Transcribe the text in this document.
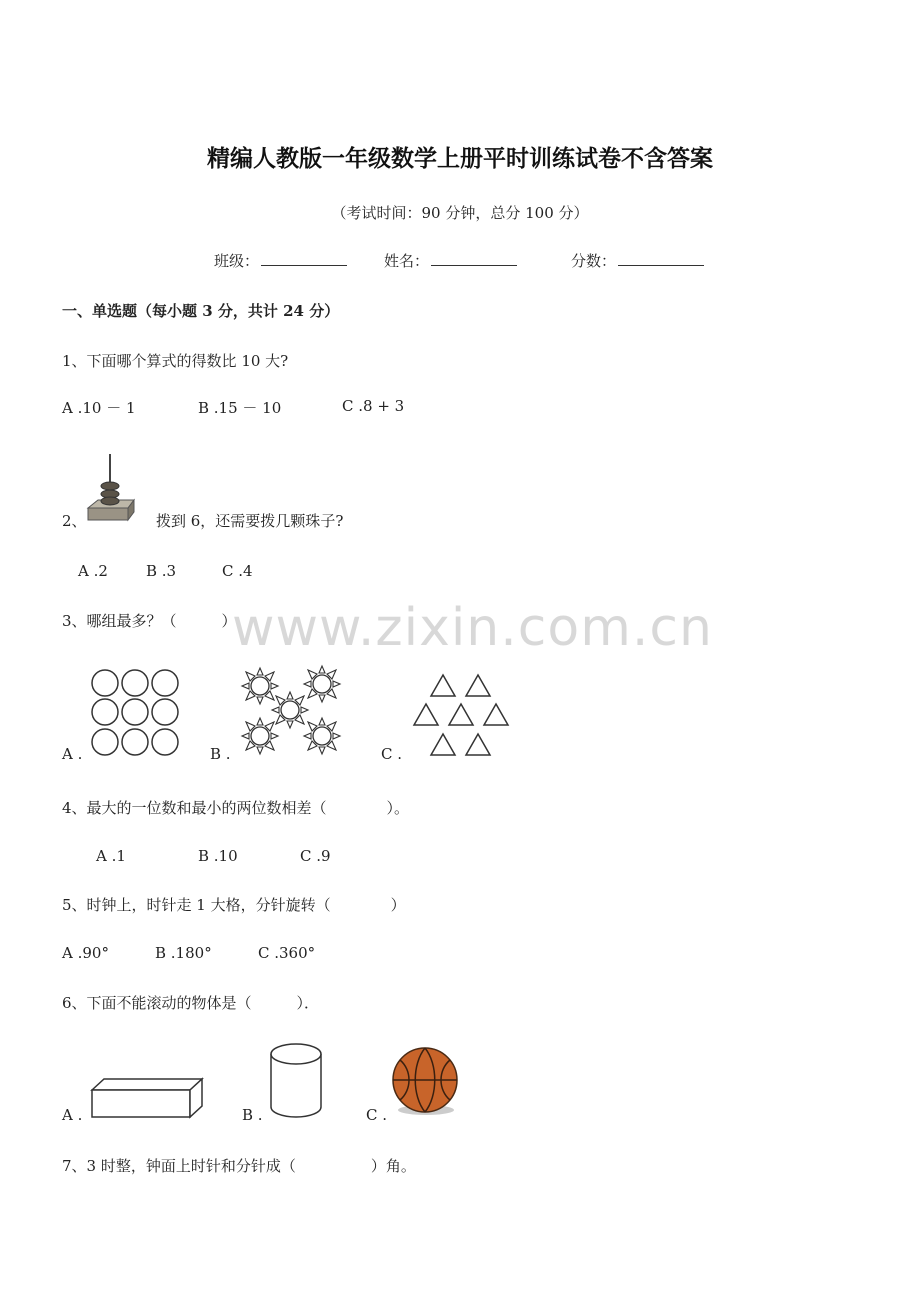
精编人教版一年级数学上册平时训练试卷不含答案
（考试时间：90 分钟，总分 100 分）
班级：	姓名：	分数：
一、单选题（每小题 3 分，共计 24 分）
1、下面哪个算式的得数比 10 大?
A .10 － 1	B .15 － 10	C .8 + 3
2、	拨到 6，还需要拨几颗珠子?
A .2	B .3	C .4
3、哪组最多？（　　　）
www.zixin.com.cn
A .	B .	C .
4、最大的一位数和最小的两位数相差（　　　　）。
A .1	B .10	C .9
5、时钟上，时针走 1 大格，分针旋转（　　　　）
A .90°	B .180°	C .360°
6、下面不能滚动的物体是（　　　）．
A .	B .	C .
7、3 时整，钟面上时针和分针成（　　　　　）角。
